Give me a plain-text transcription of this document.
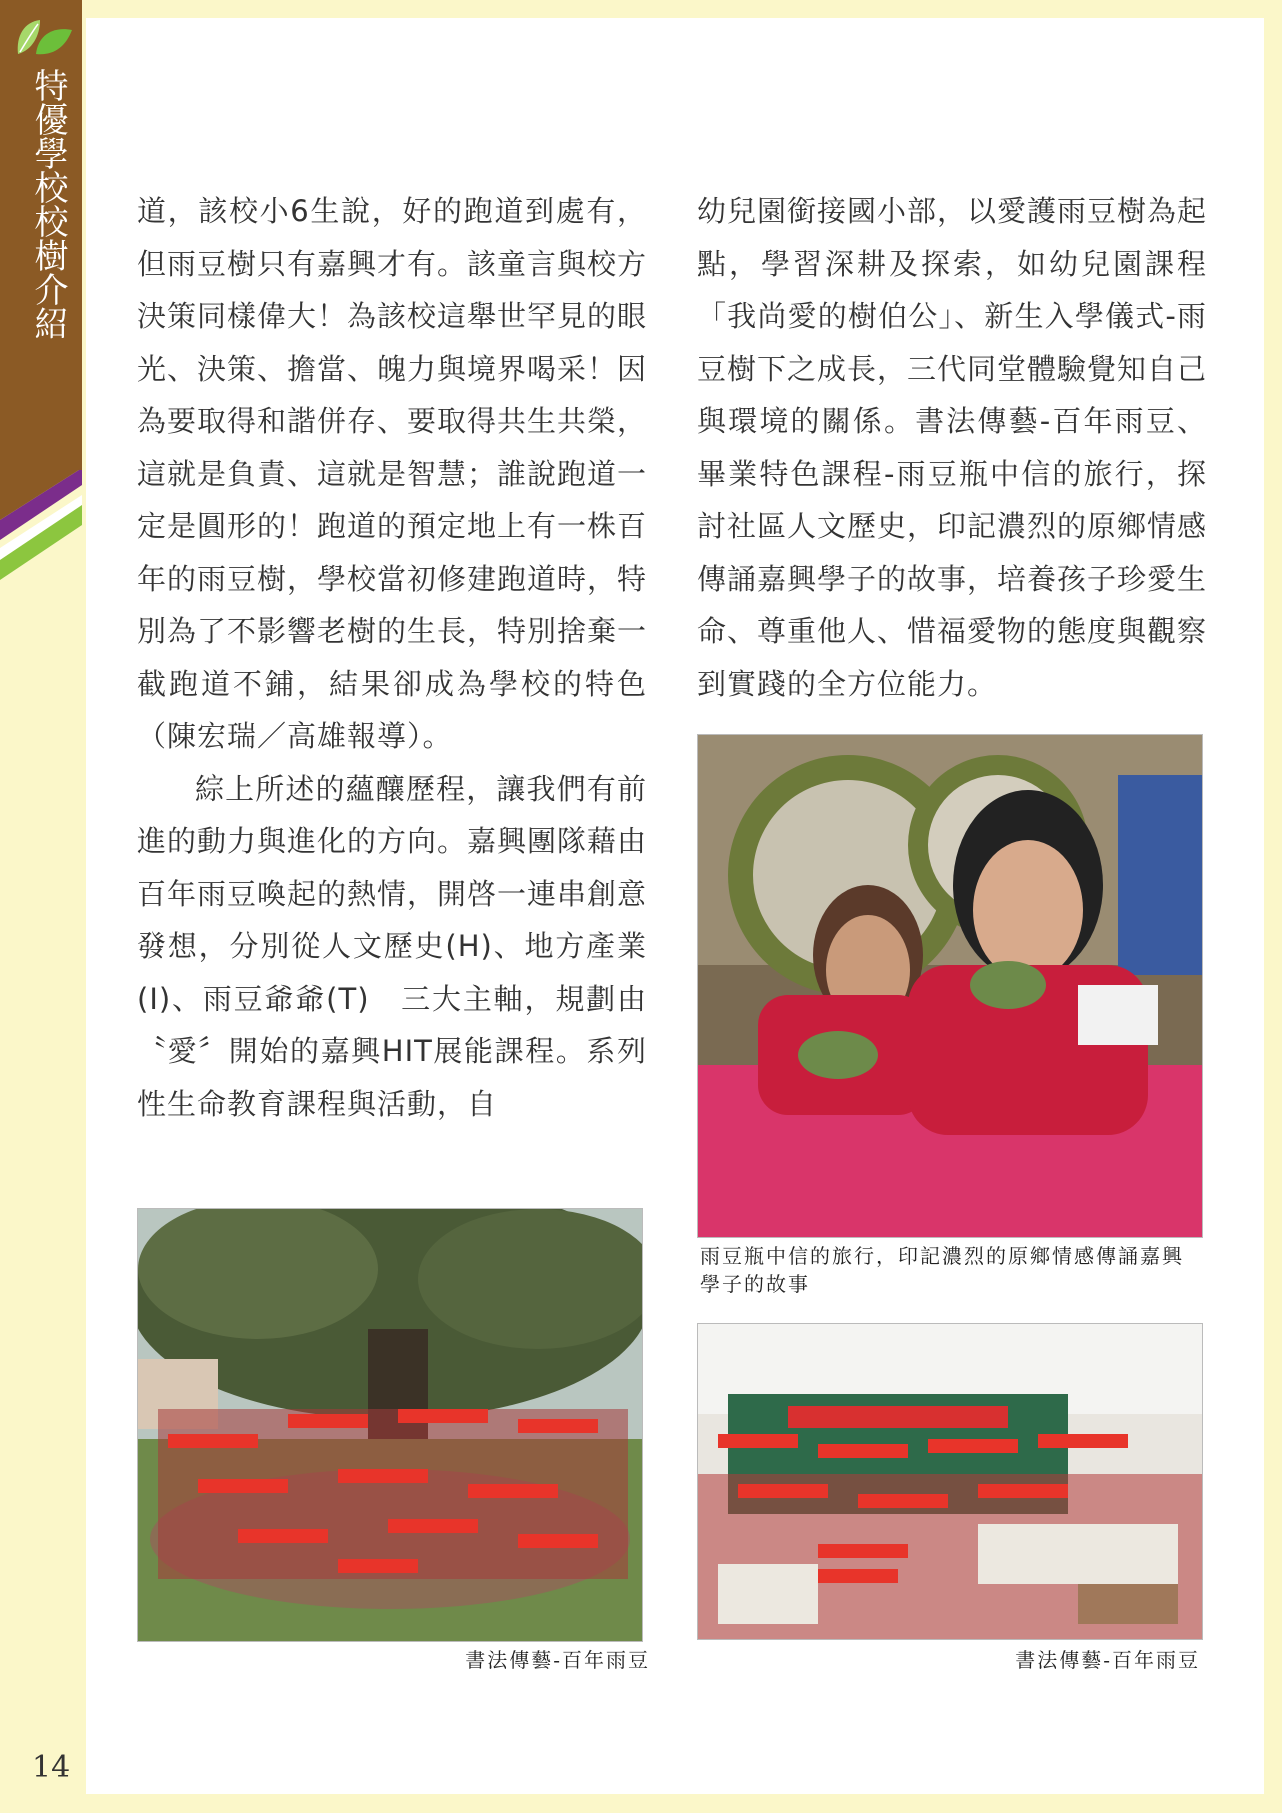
特優學校校樹介紹 道，該校小6生說，好的跑道到處有，但雨豆樹只有嘉興才有。該童言與校方決策同樣偉大！為該校這舉世罕見的眼光、決策、擔當、魄力與境界喝采！因為要取得和諧併存、要取得共生共榮，這就是負責、這就是智慧；誰說跑道一定是圓形的！跑道的預定地上有一株百年的雨豆樹，學校當初修建跑道時，特別為了不影響老樹的生長，特別捨棄一截跑道不鋪，結果卻成為學校的特色（陳宏瑞／高雄報導）。

綜上所述的蘊釀歷程，讓我們有前進的動力與進化的方向。嘉興團隊藉由百年雨豆喚起的熱情，開啓一連串創意發想，分別從人文歷史(H)、地方產業(I)、雨豆爺爺(T)　三大主軸，規劃由〝愛〞開始的嘉興HIT展能課程。系列性生命教育課程與活動，自

幼兒園銜接國小部，以愛護雨豆樹為起點，學習深耕及探索，如幼兒園課程「我尚愛的樹伯公」、新生入學儀式-雨豆樹下之成長，三代同堂體驗覺知自己與環境的關係。書法傳藝-百年雨豆、畢業特色課程-雨豆瓶中信的旅行，探討社區人文歷史，印記濃烈的原鄉情感傳誦嘉興學子的故事，培養孩子珍愛生命、尊重他人、惜福愛物的態度與觀察到實踐的全方位能力。

雨豆瓶中信的旅行，印記濃烈的原鄉情感傳誦嘉興學子的故事
書法傳藝-百年雨豆	書法傳藝-百年雨豆
14
